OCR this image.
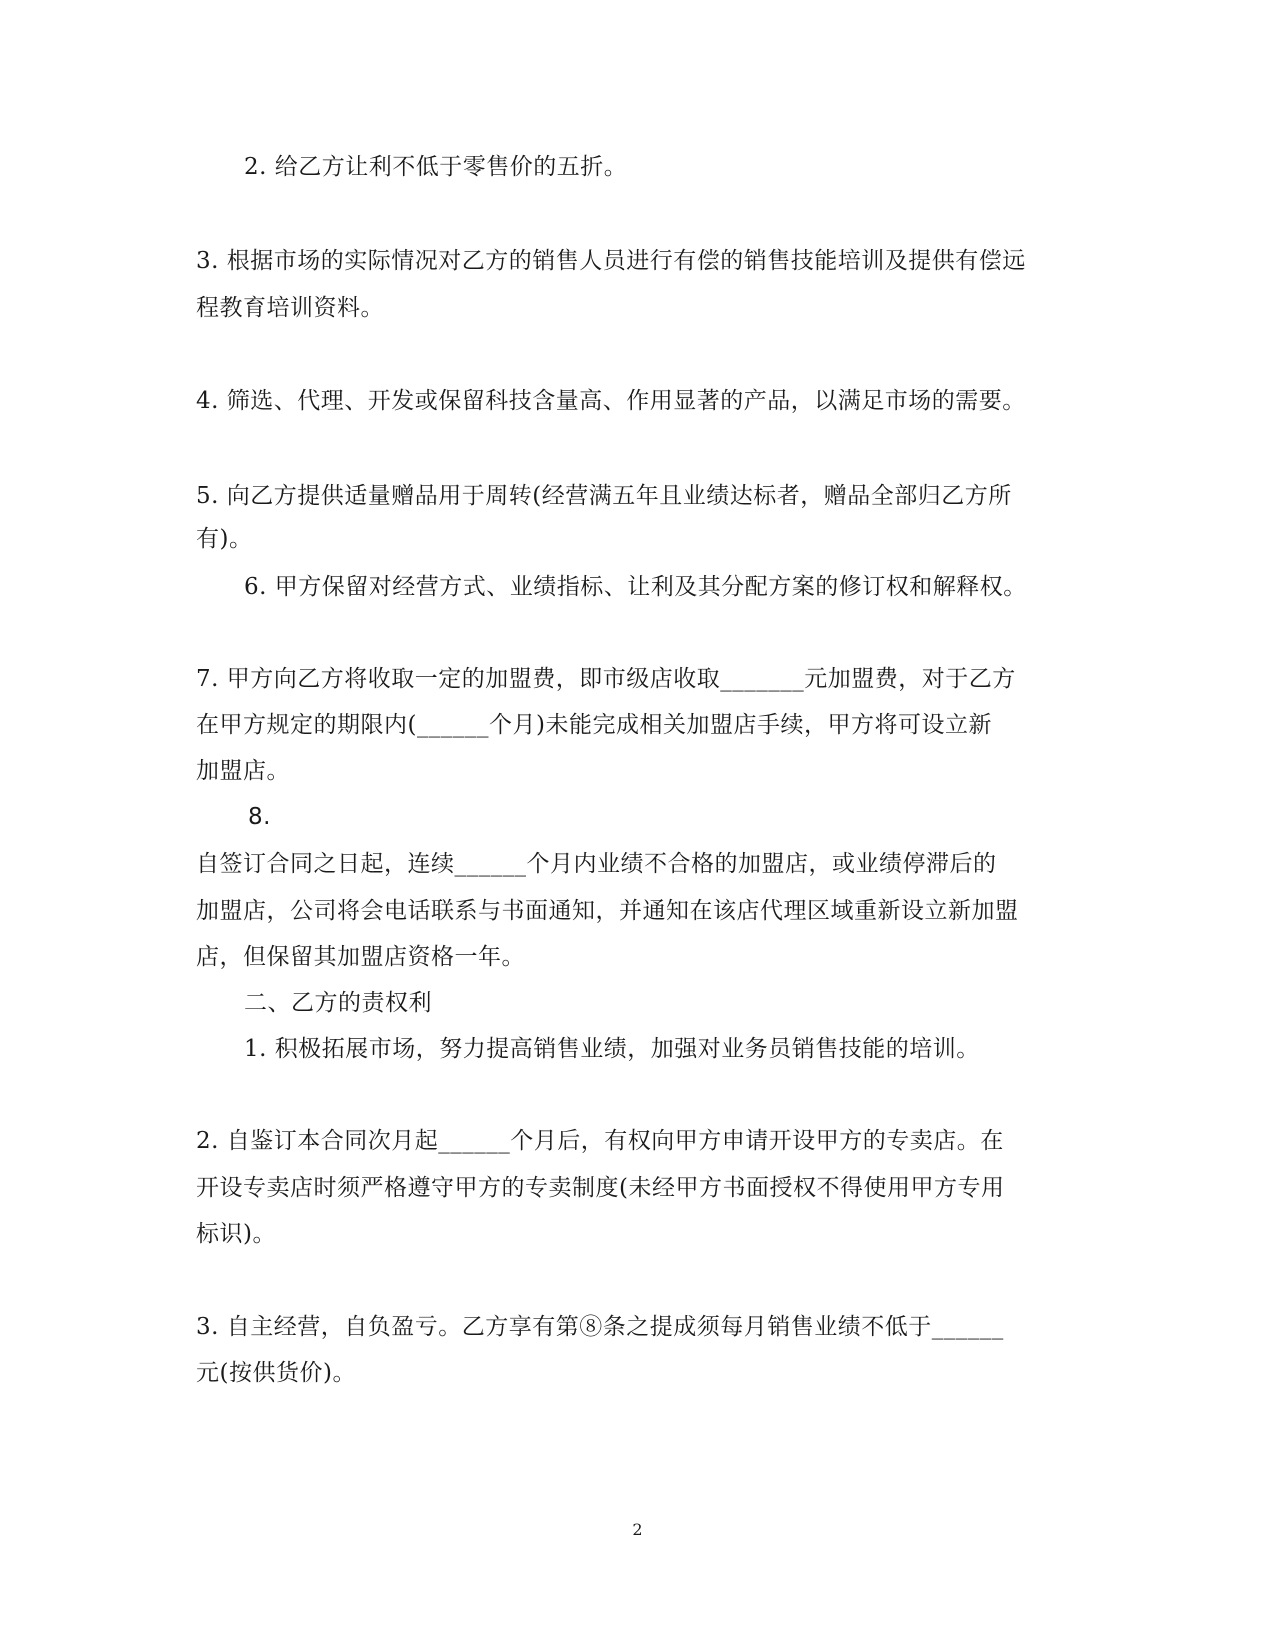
2. 给乙方让利不低于零售价的五折。
3. 根据市场的实际情况对乙方的销售人员进行有偿的销售技能培训及提供有偿远
程教育培训资料。
4. 筛选、代理、开发或保留科技含量高、作用显著的产品，以满足市场的需要。
5. 向乙方提供适量赠品用于周转(经营满五年且业绩达标者，赠品全部归乙方所
有)。
6. 甲方保留对经营方式、业绩指标、让利及其分配方案的修订权和解释权。
7. 甲方向乙方将收取一定的加盟费，即市级店收取_______元加盟费，对于乙方
在甲方规定的期限内(______个月)未能完成相关加盟店手续，甲方将可设立新
加盟店。
8.
自签订合同之日起，连续______个月内业绩不合格的加盟店，或业绩停滞后的
加盟店，公司将会电话联系与书面通知，并通知在该店代理区域重新设立新加盟
店，但保留其加盟店资格一年。
二、乙方的责权利
1. 积极拓展市场，努力提高销售业绩，加强对业务员销售技能的培训。
2. 自鉴订本合同次月起______个月后，有权向甲方申请开设甲方的专卖店。在
开设专卖店时须严格遵守甲方的专卖制度(未经甲方书面授权不得使用甲方专用
标识)。
3. 自主经营，自负盈亏。乙方享有第⑧条之提成须每月销售业绩不低于______
元(按供货价)。
2
